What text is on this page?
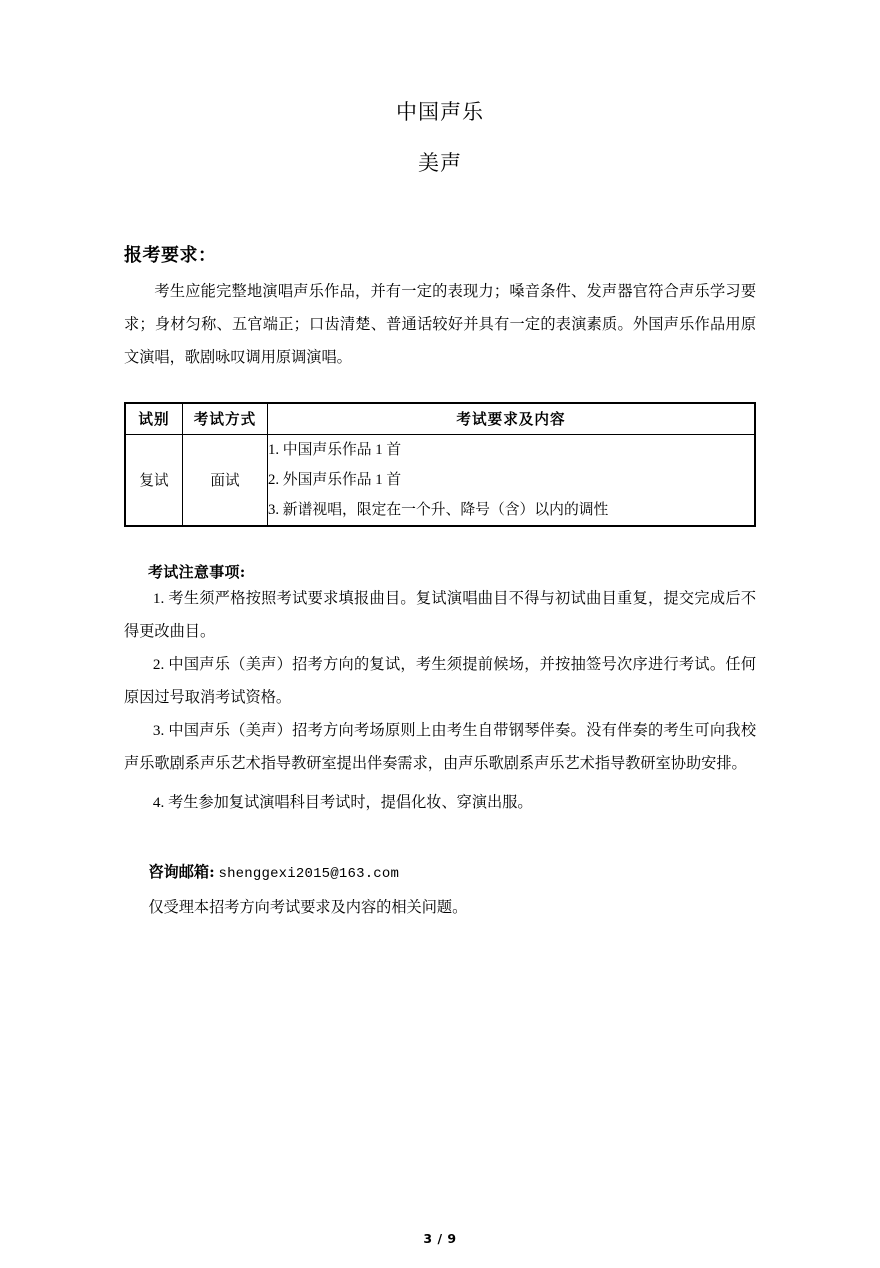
中国声乐
美声
报考要求：
考生应能完整地演唱声乐作品，并有一定的表现力；嗓音条件、发声器官符合声乐学习要求；身材匀称、五官端正；口齿清楚、普通话较好并具有一定的表演素质。外国声乐作品用原文演唱，歌剧咏叹调用原调演唱。
试别	考试方式	考试要求及内容
复试	面试	1. 中国声乐作品 1 首
2. 外国声乐作品 1 首
3. 新谱视唱，限定在一个升、降号（含）以内的调性
考试注意事项:
1. 考生须严格按照考试要求填报曲目。复试演唱曲目不得与初试曲目重复，提交完成后不得更改曲目。
2. 中国声乐（美声）招考方向的复试，考生须提前候场，并按抽签号次序进行考试。任何原因过号取消考试资格。
3. 中国声乐（美声）招考方向考场原则上由考生自带钢琴伴奏。没有伴奏的考生可向我校声乐歌剧系声乐艺术指导教研室提出伴奏需求，由声乐歌剧系声乐艺术指导教研室协助安排。
4. 考生参加复试演唱科目考试时，提倡化妆、穿演出服。
咨询邮箱: shenggexi2015@163.com
仅受理本招考方向考试要求及内容的相关问题。
3 / 9
